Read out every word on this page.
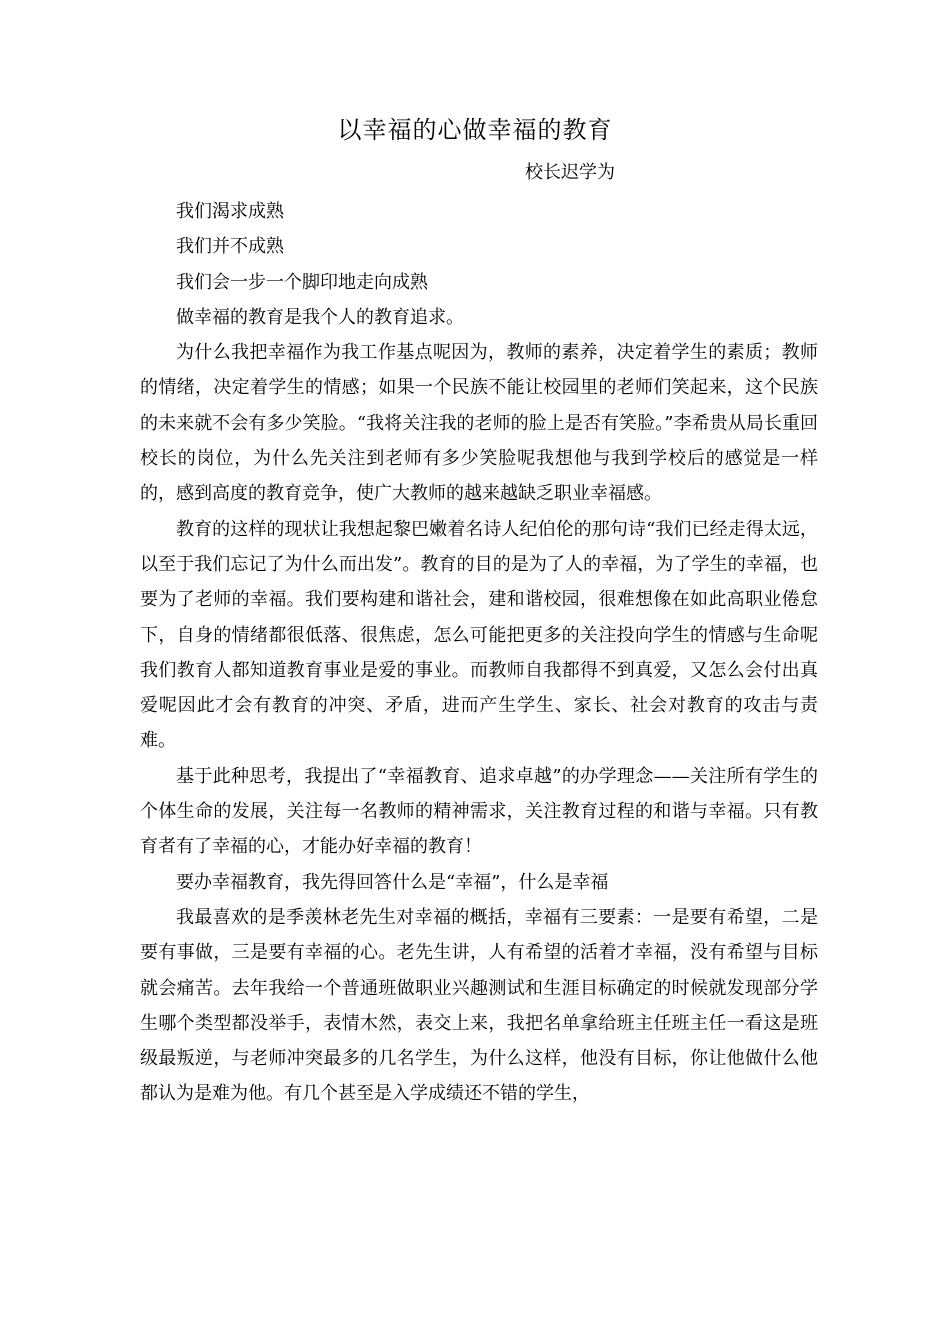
以幸福的心做幸福的教育
校长迟学为

我们渴求成熟

我们并不成熟

我们会一步一个脚印地走向成熟

做幸福的教育是我个人的教育追求。

为什么我把幸福作为我工作基点呢因为，教师的素养，决定着学生的素质；教师的情绪，决定着学生的情感；如果一个民族不能让校园里的老师们笑起来，这个民族的未来就不会有多少笑脸。“我将关注我的老师的脸上是否有笑脸。”李希贵从局长重回校长的岗位，为什么先关注到老师有多少笑脸呢我想他与我到学校后的感觉是一样的，感到高度的教育竞争，使广大教师的越来越缺乏职业幸福感。

教育的这样的现状让我想起黎巴嫩着名诗人纪伯伦的那句诗“我们已经走得太远，以至于我们忘记了为什么而出发”。教育的目的是为了人的幸福，为了学生的幸福，也要为了老师的幸福。我们要构建和谐社会，建和谐校园，很难想像在如此高职业倦怠下，自身的情绪都很低落、很焦虑，怎么可能把更多的关注投向学生的情感与生命呢我们教育人都知道教育事业是爱的事业。而教师自我都得不到真爱，又怎么会付出真爱呢因此才会有教育的冲突、矛盾，进而产生学生、家长、社会对教育的攻击与责难。

基于此种思考，我提出了“幸福教育、追求卓越”的办学理念——关注所有学生的个体生命的发展，关注每一名教师的精神需求，关注教育过程的和谐与幸福。只有教育者有了幸福的心，才能办好幸福的教育！

要办幸福教育，我先得回答什么是“幸福”，什么是幸福

我最喜欢的是季羡林老先生对幸福的概括，幸福有三要素：一是要有希望，二是要有事做，三是要有幸福的心。老先生讲，人有希望的活着才幸福，没有希望与目标就会痛苦。去年我给一个普通班做职业兴趣测试和生涯目标确定的时候就发现部分学生哪个类型都没举手，表情木然，表交上来，我把名单拿给班主任班主任一看这是班级最叛逆，与老师冲突最多的几名学生，为什么这样，他没有目标，你让他做什么他都认为是难为他。有几个甚至是入学成绩还不错的学生，
